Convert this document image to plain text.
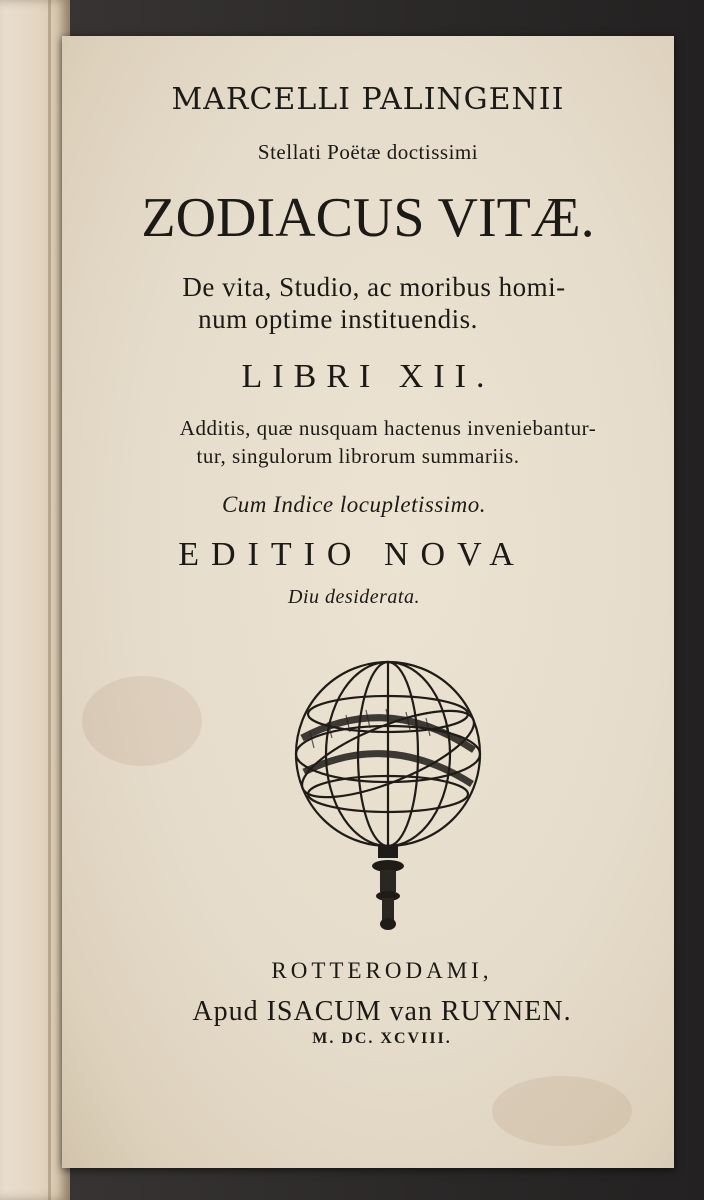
MARCELLI PALINGENII
Stellati Poëtæ doctissimi
ZODIACUS VITÆ.
De vita, Studio, ac moribus homi-
num optime instituendis.
LIBRI XII.
Additis, quæ nusquam hactenus inveniebantur-
tur, singulorum librorum summariis.
Cum Indice locupletissimo.
EDITIO NOVA
Diu desiderata.
ROTTERODAMI,
Apud ISACUM van RUYNEN.
M. DC. XCVIII.
